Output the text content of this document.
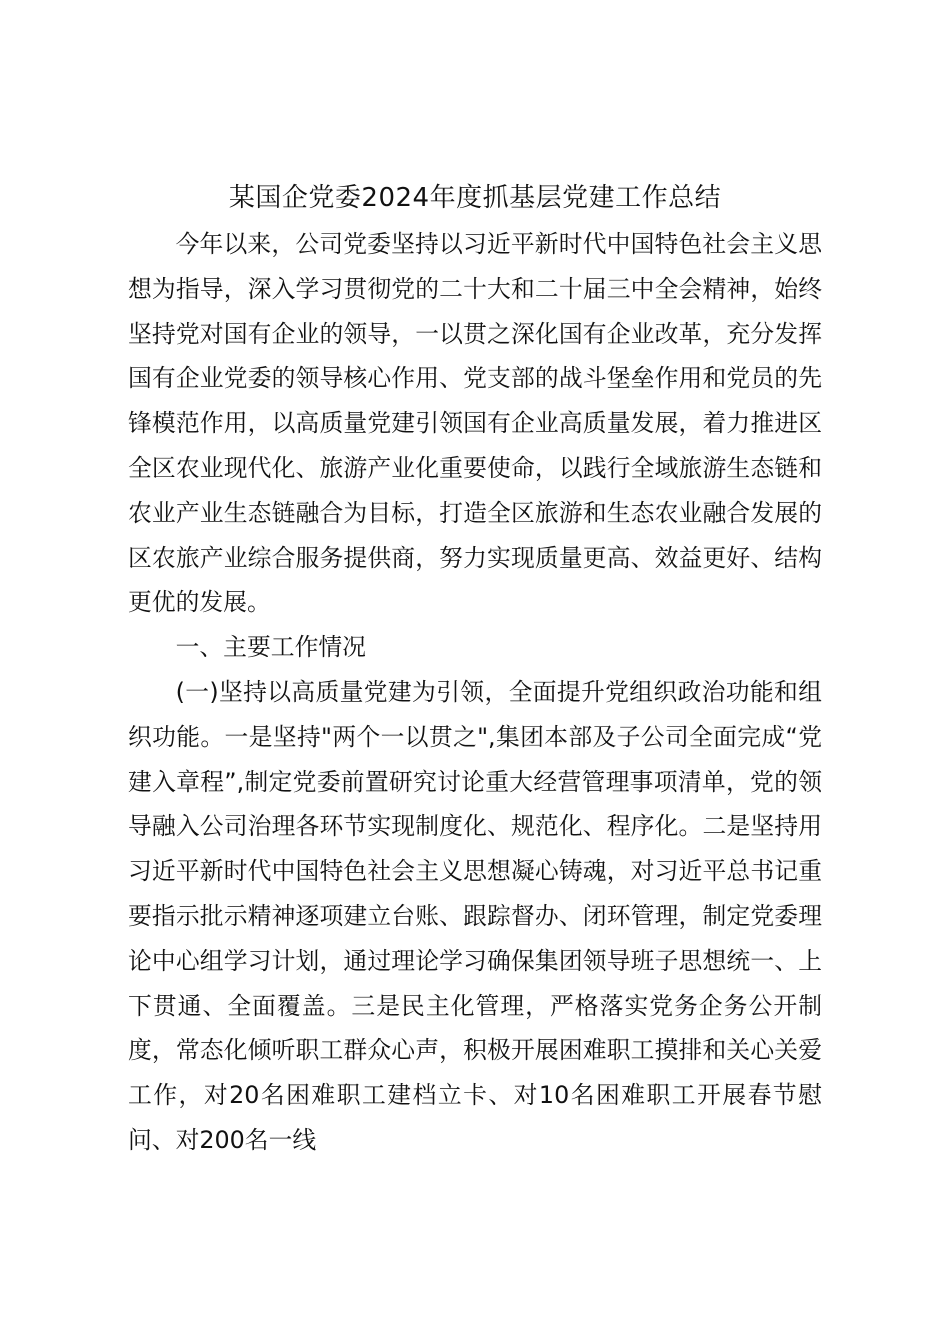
某国企党委2024年度抓基层党建工作总结

今年以来，公司党委坚持以习近平新时代中国特色社会主义思想为指导，深入学习贯彻党的二十大和二十届三中全会精神，始终坚持党对国有企业的领导，一以贯之深化国有企业改革，充分发挥国有企业党委的领导核心作用、党支部的战斗堡垒作用和党员的先锋模范作用，以高质量党建引领国有企业高质量发展，着力推进区全区农业现代化、旅游产业化重要使命，以践行全域旅游生态链和农业产业生态链融合为目标，打造全区旅游和生态农业融合发展的区农旅产业综合服务提供商，努力实现质量更高、效益更好、结构更优的发展。

一、主要工作情况

(一)坚持以高质量党建为引领，全面提升党组织政治功能和组织功能。一是坚持"两个一以贯之",集团本部及子公司全面完成“党建入章程”,制定党委前置研究讨论重大经营管理事项清单，党的领导融入公司治理各环节实现制度化、规范化、程序化。二是坚持用习近平新时代中国特色社会主义思想凝心铸魂，对习近平总书记重要指示批示精神逐项建立台账、跟踪督办、闭环管理，制定党委理论中心组学习计划，通过理论学习确保集团领导班子思想统一、上下贯通、全面覆盖。三是民主化管理，严格落实党务企务公开制度，常态化倾听职工群众心声，积极开展困难职工摸排和关心关爱工作，对20名困难职工建档立卡、对10名困难职工开展春节慰问、对200名一线
